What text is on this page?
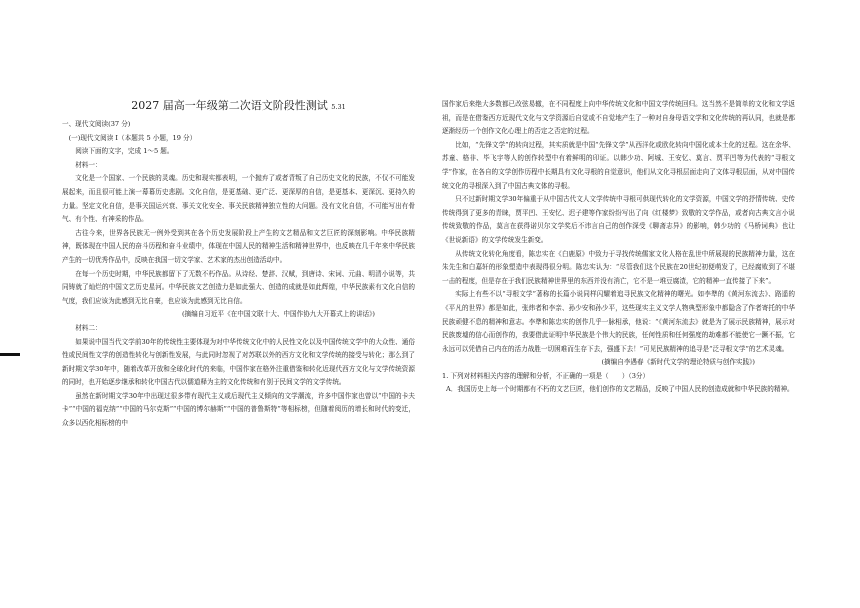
2027 届高一年级第二次语文阶段性测试 5.31

一、现代文阅读(37 分)

(一)现代文阅读 I（本题共 5 小题，19 分）

阅读下面的文字，完成 1～5 题。

材料一：

文化是一个国家、一个民族的灵魂。历史和现实都表明，一个抛弃了或者背叛了自己历史文化的民族，不仅不可能发展起来，而且很可能上演一幕幕历史悲剧。文化自信，是更基础、更广泛、更深厚的自信，是更基本、更深沉、更持久的力量。坚定文化自信，是事关国运兴衰、事关文化安全、事关民族精神独立性的大问题。没有文化自信，不可能写出有骨气、有个性、有神采的作品。

古往今来，世界各民族无一例外受到其在各个历史发展阶段上产生的文艺精品和文艺巨匠的深刻影响。中华民族精神，既体现在中国人民的奋斗历程和奋斗业绩中，体现在中国人民的精神生活和精神世界中，也反映在几千年来中华民族产生的一切优秀作品中，反映在我国一切文学家、艺术家的杰出创造活动中。

在每一个历史时期，中华民族都留下了无数不朽作品。从诗经、楚辞、汉赋，到唐诗、宋词、元曲、明清小说等，共同铸就了灿烂的中国文艺历史星河。中华民族文艺创造力是如此强大、创造的成就是如此辉煌，中华民族素有文化自信的气度，我们应该为此感到无比自豪，也应该为此感到无比自信。

(摘编自习近平《在中国文联十大、中国作协九大开幕式上的讲话》)

材料二：

如果说中国当代文学前30年的传统性主要体现为对中华传统文化中的人民性文化以及中国传统文学中的大众性、通俗性或民间性文学的创造性转化与创新性发展，与此同时忽视了对苏联以外的西方文化和文学传统的接受与转化；那么到了新时期文学30年中，随着改革开放和全球化时代的来临，中国作家在格外注重借鉴和转化近现代西方文化与文学传统资源的同时，也开始逐步继承和转化中国古代以儒道释为主的文化传统和有别于民间文学的文学传统。

虽然在新时期文学30年中出现过很多带有现代主义或后现代主义倾向的文学潮流，许多中国作家也曾以“中国的卡夫卡”“中国的福克纳”“中国的马尔克斯”“中国的博尔赫斯”“中国的普鲁斯特”等相标榜，但随着阅历的增长和时代的变迁，众多以西化相标榜的中

国作家后来绝大多数都已改弦易辙，在不同程度上向中华传统文化和中国文学传统回归。这当然不是简单的文化和文学返祖，而是在借鉴西方近现代文化与文学资源后自觉或不自觉地产生了一种对自身母语文学和文化传统的再认同，也就是都逐渐经历一个创作文化心理上的否定之否定的过程。

比如，“先锋文学”的转向过程，其实质就是中国“先锋文学”从西洋化或欧化转向中国化或本土化的过程。这在余华、苏童、格非、毕飞宇等人的创作转型中有着鲜明的印证。以韩少功、阿城、王安忆、莫言、贾平凹等为代表的“寻根文学”作家，在各自的文学创作历程中长期具有文化寻根的自觉意识，他们从文化寻根层面走向了文体寻根层面，从对中国传统文化的寻根深入到了中国古典文体的寻根。

只不过新时期文学30年偏重于从中国古代文人文学传统中寻根可供现代转化的文学资源，中国文学的抒情传统、史传传统得到了更多的青睐，贾平凹、王安忆、迟子建等作家纷纷写出了向《红楼梦》致敬的文学作品，或者向古典文言小说传统致敬的作品，莫言在获得诺贝尔文学奖后不讳言自己的创作深受《聊斋志异》的影响，韩少功的《马桥词典》也让《世说新语》的文学传统发生新变。

从传统文化转化角度看，陈忠实在《白鹿原》中致力于寻找传统儒家文化人格在乱世中所展现的民族精神力量，这在朱先生和白嘉轩的形象塑造中表现得很分明。陈忠实认为：“尽管我们这个民族在20世纪初便萌发了，已经腐败到了不堪一击的程度，但是存在于我们民族精神世界里的东西并没有消亡，它不是一堆豆腐渣，它的精神一直传接了下来”。

实际上有些不以“寻根文学”著称的长篇小说同样闪耀着追寻民族文化精神的曙光。如李準的《黄河东流去》、路遥的《平凡的世界》都是如此，张炜者和李亲、孙少安和孙少平，这些现实主义文学人物典型形象中都隐含了作者寄托的中华民族顽健不息的精神和意志。李準和陈忠实的创作几乎一脉相承，他说：“《黄河东流去》就是为了展示民族精神，展示对民族废墟的信心而创作的，我要借此证明中华民族是个伟大的民族，任何性质和任何强度的劫难都不能使它一蹶不振，它永远可以凭借自己内在的活力战胜一切困难而生存下去，强盛下去！”可见民族精神的追寻是“泛寻根文学”的艺术灵魂。

(摘编自李遇春《新时代文学的理论特质与创作实践》)

1. 下列对材料相关内容的理解和分析，不正确的一项是（　　）（3分）

A．我国历史上每一个时期都有不朽的文艺巨匠，他们创作的文艺精品，反映了中国人民的创造成就和中华民族的精神。
